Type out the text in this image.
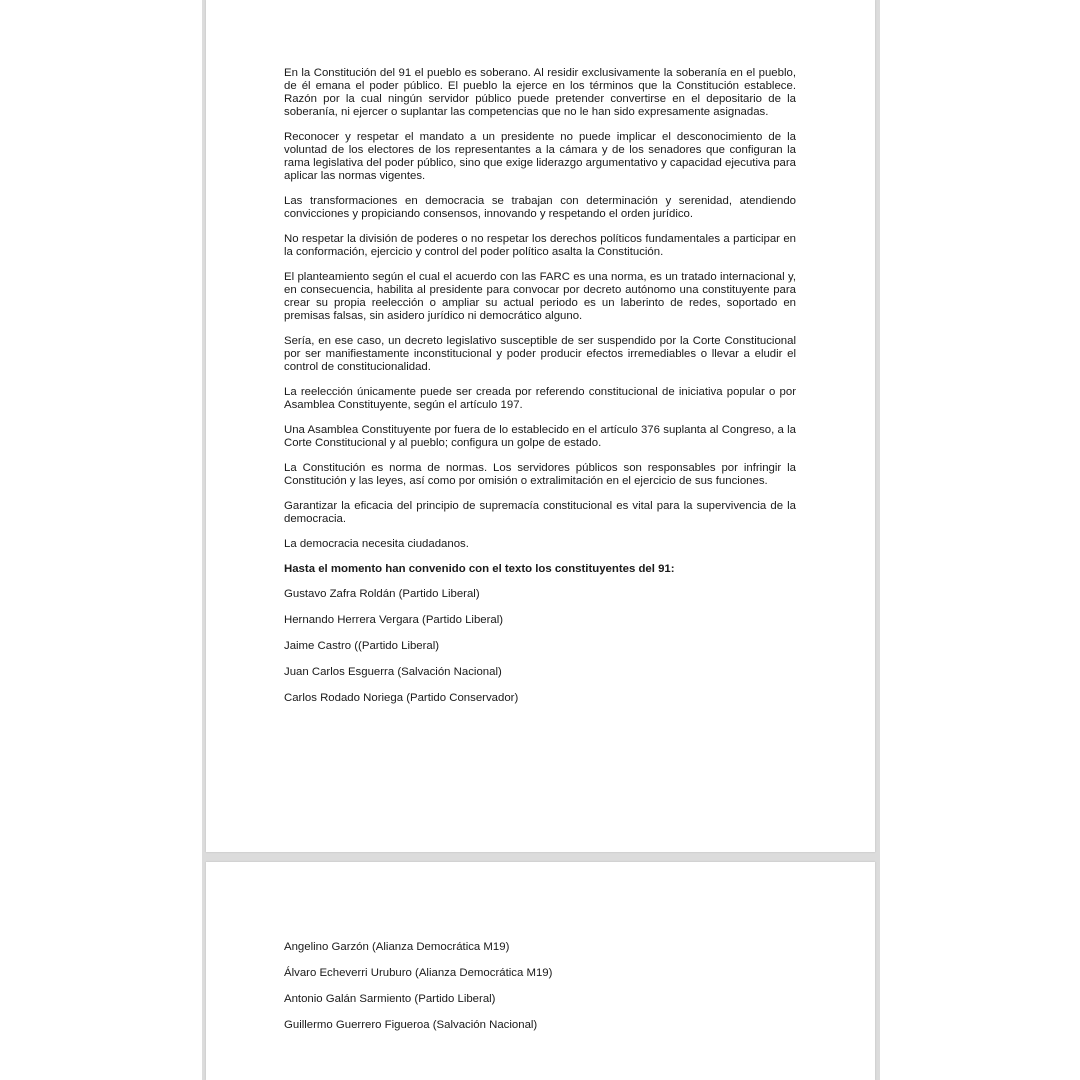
En la Constitución del 91 el pueblo es soberano. Al residir exclusivamente la soberanía en el pueblo, de él emana el poder público. El pueblo la ejerce en los términos que la Constitución establece. Razón por la cual ningún servidor público puede pretender convertirse en el depositario de la soberanía, ni ejercer o suplantar las competencias que no le han sido expresamente asignadas.

Reconocer y respetar el mandato a un presidente no puede implicar el desconocimiento de la voluntad de los electores de los representantes a la cámara y de los senadores que configuran la rama legislativa del poder público, sino que exige liderazgo argumentativo y capacidad ejecutiva para aplicar las normas vigentes.

Las transformaciones en democracia se trabajan con determinación y serenidad, atendiendo convicciones y propiciando consensos, innovando y respetando el orden jurídico.

No respetar la división de poderes o no respetar los derechos políticos fundamentales a participar en la conformación, ejercicio y control del poder político asalta la Constitución.

El planteamiento según el cual el acuerdo con las FARC es una norma, es un tratado internacional y, en consecuencia, habilita al presidente para convocar por decreto autónomo una constituyente para crear su propia reelección o ampliar su actual periodo es un laberinto de redes, soportado en premisas falsas, sin asidero jurídico ni democrático alguno.

Sería, en ese caso, un decreto legislativo susceptible de ser suspendido por la Corte Constitucional por ser manifiestamente inconstitucional y poder producir efectos irremediables o llevar a eludir el control de constitucionalidad.

La reelección únicamente puede ser creada por referendo constitucional de iniciativa popular o por Asamblea Constituyente, según el artículo 197.

Una Asamblea Constituyente por fuera de lo establecido en el artículo 376 suplanta al Congreso, a la Corte Constitucional y al pueblo; configura un golpe de estado.

La Constitución es norma de normas. Los servidores públicos son responsables por infringir la Constitución y las leyes, así como por omisión o extralimitación en el ejercicio de sus funciones.

Garantizar la eficacia del principio de supremacía constitucional es vital para la supervivencia de la democracia.

La democracia necesita ciudadanos.

Hasta el momento han convenido con el texto los constituyentes del 91:

Gustavo Zafra Roldán (Partido Liberal)

Hernando Herrera Vergara (Partido Liberal)

Jaime Castro ((Partido Liberal)

Juan Carlos Esguerra (Salvación Nacional)

Carlos Rodado Noriega (Partido Conservador)

Angelino Garzón (Alianza Democrática M19)

Álvaro Echeverri Uruburo (Alianza Democrática M19)

Antonio Galán Sarmiento (Partido Liberal)

Guillermo Guerrero Figueroa (Salvación Nacional)
